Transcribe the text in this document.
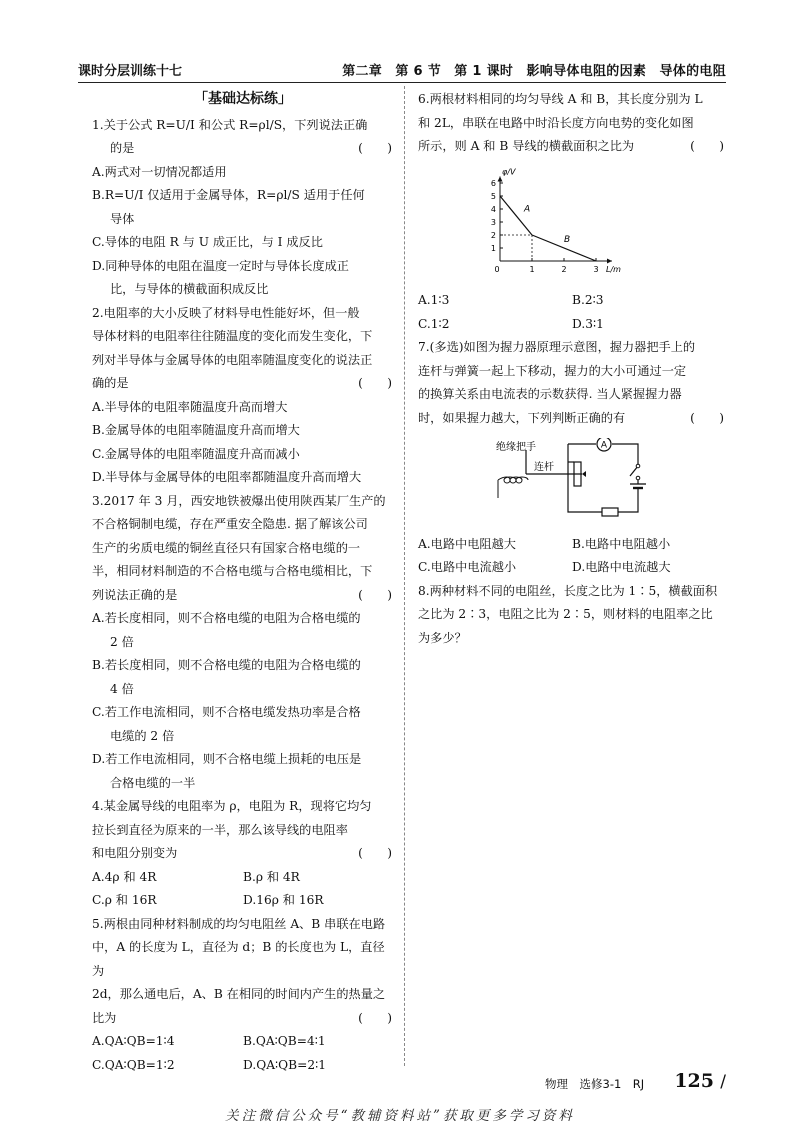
课时分层训练十七	第二章　第 6 节　第 1 课时　影响导体电阻的因素　导体的电阻
「基础达标练」
1.关于公式 R=U/I 和公式 R=ρl/S，下列说法正确
的是	(　　)
A.两式对一切情况都适用
B.R=U/I 仅适用于金属导体，R=ρl/S 适用于任何
导体
C.导体的电阻 R 与 U 成正比，与 I 成反比
D.同种导体的电阻在温度一定时与导体长度成正
比，与导体的横截面积成反比
2.电阻率的大小反映了材料导电性能好坏，但一般
导体材料的电阻率往往随温度的变化而发生变化，下
列对半导体与金属导体的电阻率随温度变化的说法正
确的是	(　　)
A.半导体的电阻率随温度升高而增大
B.金属导体的电阻率随温度升高而增大
C.金属导体的电阻率随温度升高而减小
D.半导体与金属导体的电阻率都随温度升高而增大
3.2017 年 3 月，西安地铁被爆出使用陕西某厂生产的
不合格铜制电缆，存在严重安全隐患. 据了解该公司
生产的劣质电缆的铜丝直径只有国家合格电缆的一
半，相同材料制造的不合格电缆与合格电缆相比，下
列说法正确的是	(　　)
A.若长度相同，则不合格电缆的电阻为合格电缆的
2 倍
B.若长度相同，则不合格电缆的电阻为合格电缆的
4 倍
C.若工作电流相同，则不合格电缆发热功率是合格
电缆的 2 倍
D.若工作电流相同，则不合格电缆上损耗的电压是
合格电缆的一半
4.某金属导线的电阻率为 ρ，电阻为 R，现将它均匀
拉长到直径为原来的一半，那么该导线的电阻率
和电阻分别变为	(　　)
A.4ρ 和 4R	B.ρ 和 4R
C.ρ 和 16R	D.16ρ 和 16R
5.两根由同种材料制成的均匀电阻丝 A、B 串联在电路
中，A 的长度为 L，直径为 d；B 的长度也为 L，直径为
2d，那么通电后，A、B 在相同的时间内产生的热量之
比为	(　　)
A.QA∶QB=1∶4	B.QA∶QB=4∶1
C.QA∶QB=1∶2	D.QA∶QB=2∶1
6.两根材料相同的均匀导线 A 和 B，其长度分别为 L
和 2L，串联在电路中时沿长度方向电势的变化如图
所示，则 A 和 B 导线的横截面积之比为	(　　)
1
2
3
4
5
6
0	1	2	3
φ/V
L/m
A
B
A.1∶3	B.2∶3
C.1∶2	D.3∶1
7.(多选)如图为握力器原理示意图，握力器把手上的
连杆与弹簧一起上下移动，握力的大小可通过一定
的换算关系由电流表的示数获得. 当人紧握握力器
时，如果握力越大，下列判断正确的有	(　　)
A
绝缘把手
连杆
A.电路中电阻越大	B.电路中电阻越小
C.电路中电流越小	D.电路中电流越大
8.两种材料不同的电阻丝，长度之比为 1∶5，横截面积
之比为 2∶3，电阻之比为 2∶5，则材料的电阻率之比
为多少？
物理　选修3-1　RJ 125 /
关注微信公众号“教辅资料站”获取更多学习资料
